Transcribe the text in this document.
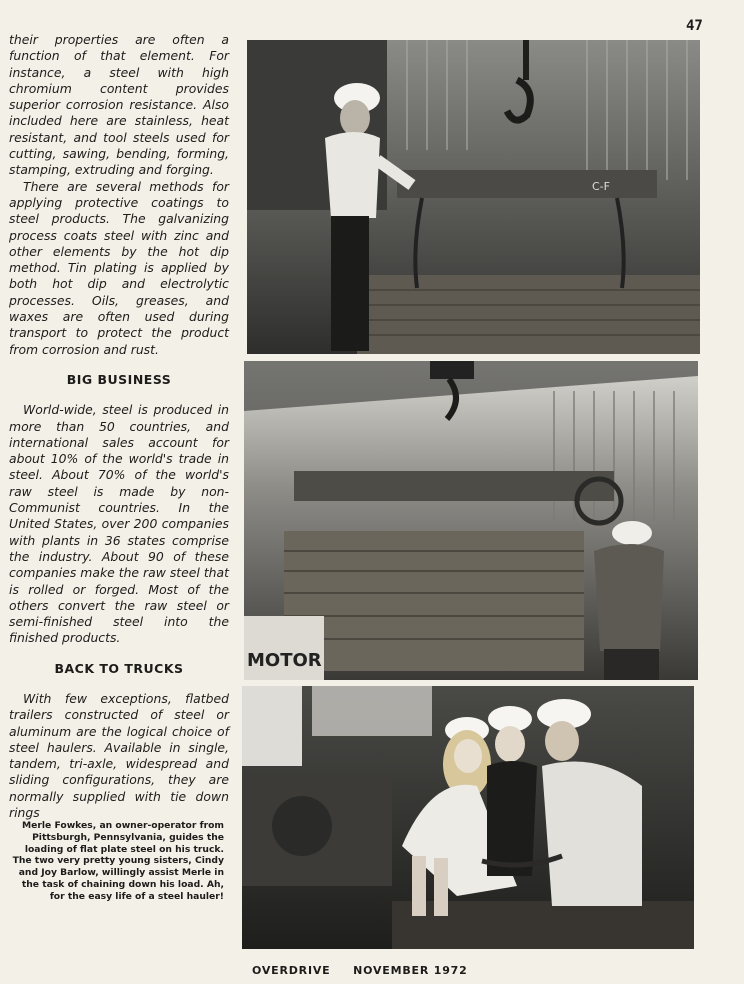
47

their properties are often a function of that element. For instance, a steel with high chromium content provides superior corrosion resistance. Also included here are stainless, heat resistant, and tool steels used for cutting, sawing, bending, forming, stamping, extruding and forging.

There are several methods for applying protective coatings to steel products. The galvanizing process coats steel with zinc and other elements by the hot dip method. Tin plating is applied by both hot dip and electrolytic processes. Oils, greases, and waxes are often used during transport to protect the product from corrosion and rust.

BIG BUSINESS

World-wide, steel is produced in more than 50 countries, and international sales account for about 10% of the world's trade in steel. About 70% of the world's raw steel is made by non-Communist countries. In the United States, over 200 companies with plants in 36 states comprise the industry. About 90 of these companies make the raw steel that is rolled or forged. Most of the others convert the raw steel or semi-finished steel into the finished products.

BACK TO TRUCKS

With few exceptions, flatbed trailers constructed of steel or aluminum are the logical choice of steel haulers. Available in single, tandem, tri-axle, widespread and sliding configurations, they are normally supplied with tie down rings

Merle Fowkes, an owner-operator from Pittsburgh, Pennsylvania, guides the loading of flat plate steel on his truck. The two very pretty young sisters, Cindy and Joy Barlow, willingly assist Merle in the task of chaining down his load. Ah, for the easy life of a steel hauler!
C-F
MOTOR
OVERDRIVE NOVEMBER 1972
